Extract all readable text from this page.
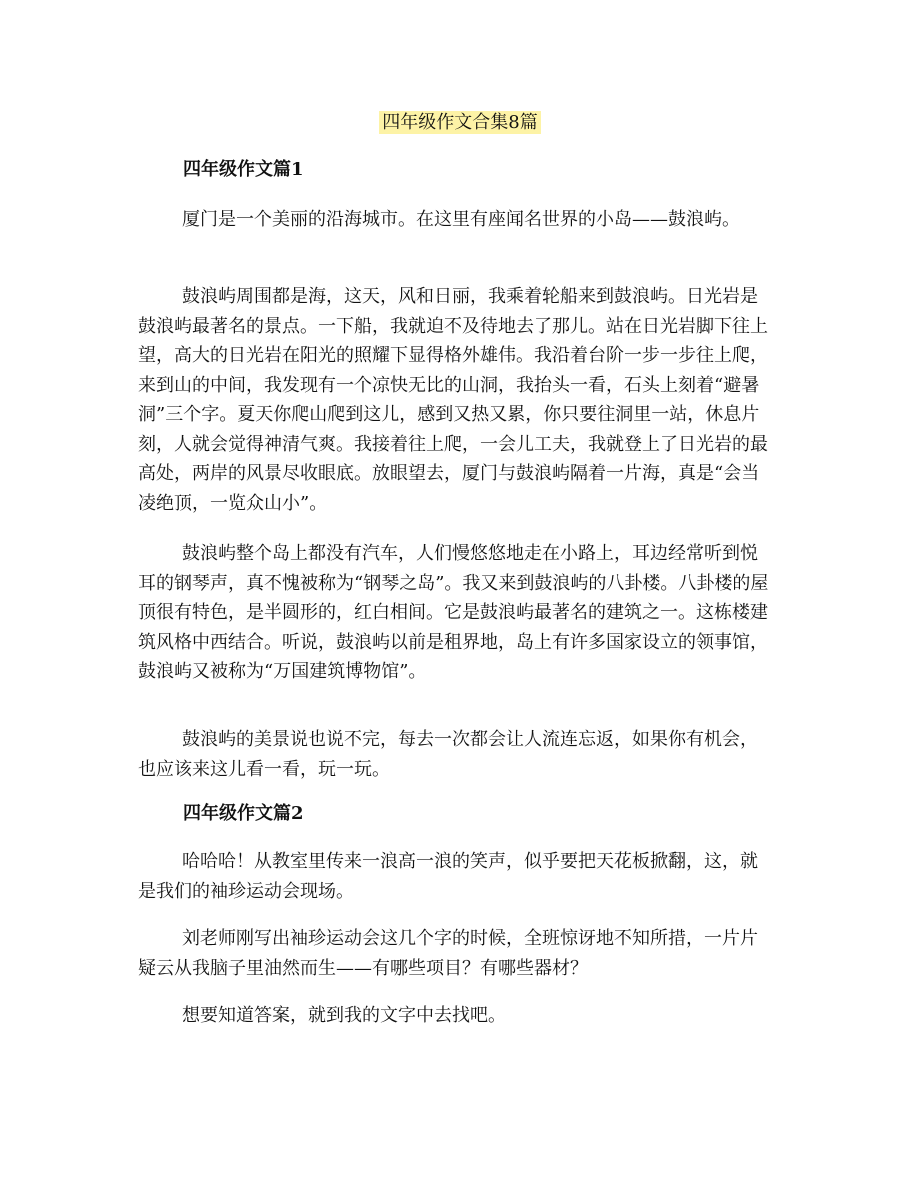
四年级作文合集8篇
四年级作文篇1

厦门是一个美丽的沿海城市。在这里有座闻名世界的小岛——鼓浪屿。

鼓浪屿周围都是海，这天，风和日丽，我乘着轮船来到鼓浪屿。日光岩是鼓浪屿最著名的景点。一下船，我就迫不及待地去了那儿。站在日光岩脚下往上望，高大的日光岩在阳光的照耀下显得格外雄伟。我沿着台阶一步一步往上爬，来到山的中间，我发现有一个凉快无比的山洞，我抬头一看，石头上刻着“避暑洞”三个字。夏天你爬山爬到这儿，感到又热又累，你只要往洞里一站，休息片刻，人就会觉得神清气爽。我接着往上爬，一会儿工夫，我就登上了日光岩的最高处，两岸的风景尽收眼底。放眼望去，厦门与鼓浪屿隔着一片海，真是“会当凌绝顶，一览众山小”。

鼓浪屿整个岛上都没有汽车，人们慢悠悠地走在小路上，耳边经常听到悦耳的钢琴声，真不愧被称为“钢琴之岛”。我又来到鼓浪屿的八卦楼。八卦楼的屋顶很有特色，是半圆形的，红白相间。它是鼓浪屿最著名的建筑之一。这栋楼建筑风格中西结合。听说，鼓浪屿以前是租界地，岛上有许多国家设立的领事馆，鼓浪屿又被称为“万国建筑博物馆”。

鼓浪屿的美景说也说不完，每去一次都会让人流连忘返，如果你有机会，也应该来这儿看一看，玩一玩。

四年级作文篇2

哈哈哈！从教室里传来一浪高一浪的笑声，似乎要把天花板掀翻，这，就是我们的袖珍运动会现场。

刘老师刚写出袖珍运动会这几个字的时候，全班惊讶地不知所措，一片片疑云从我脑子里油然而生——有哪些项目？有哪些器材？

想要知道答案，就到我的文字中去找吧。
